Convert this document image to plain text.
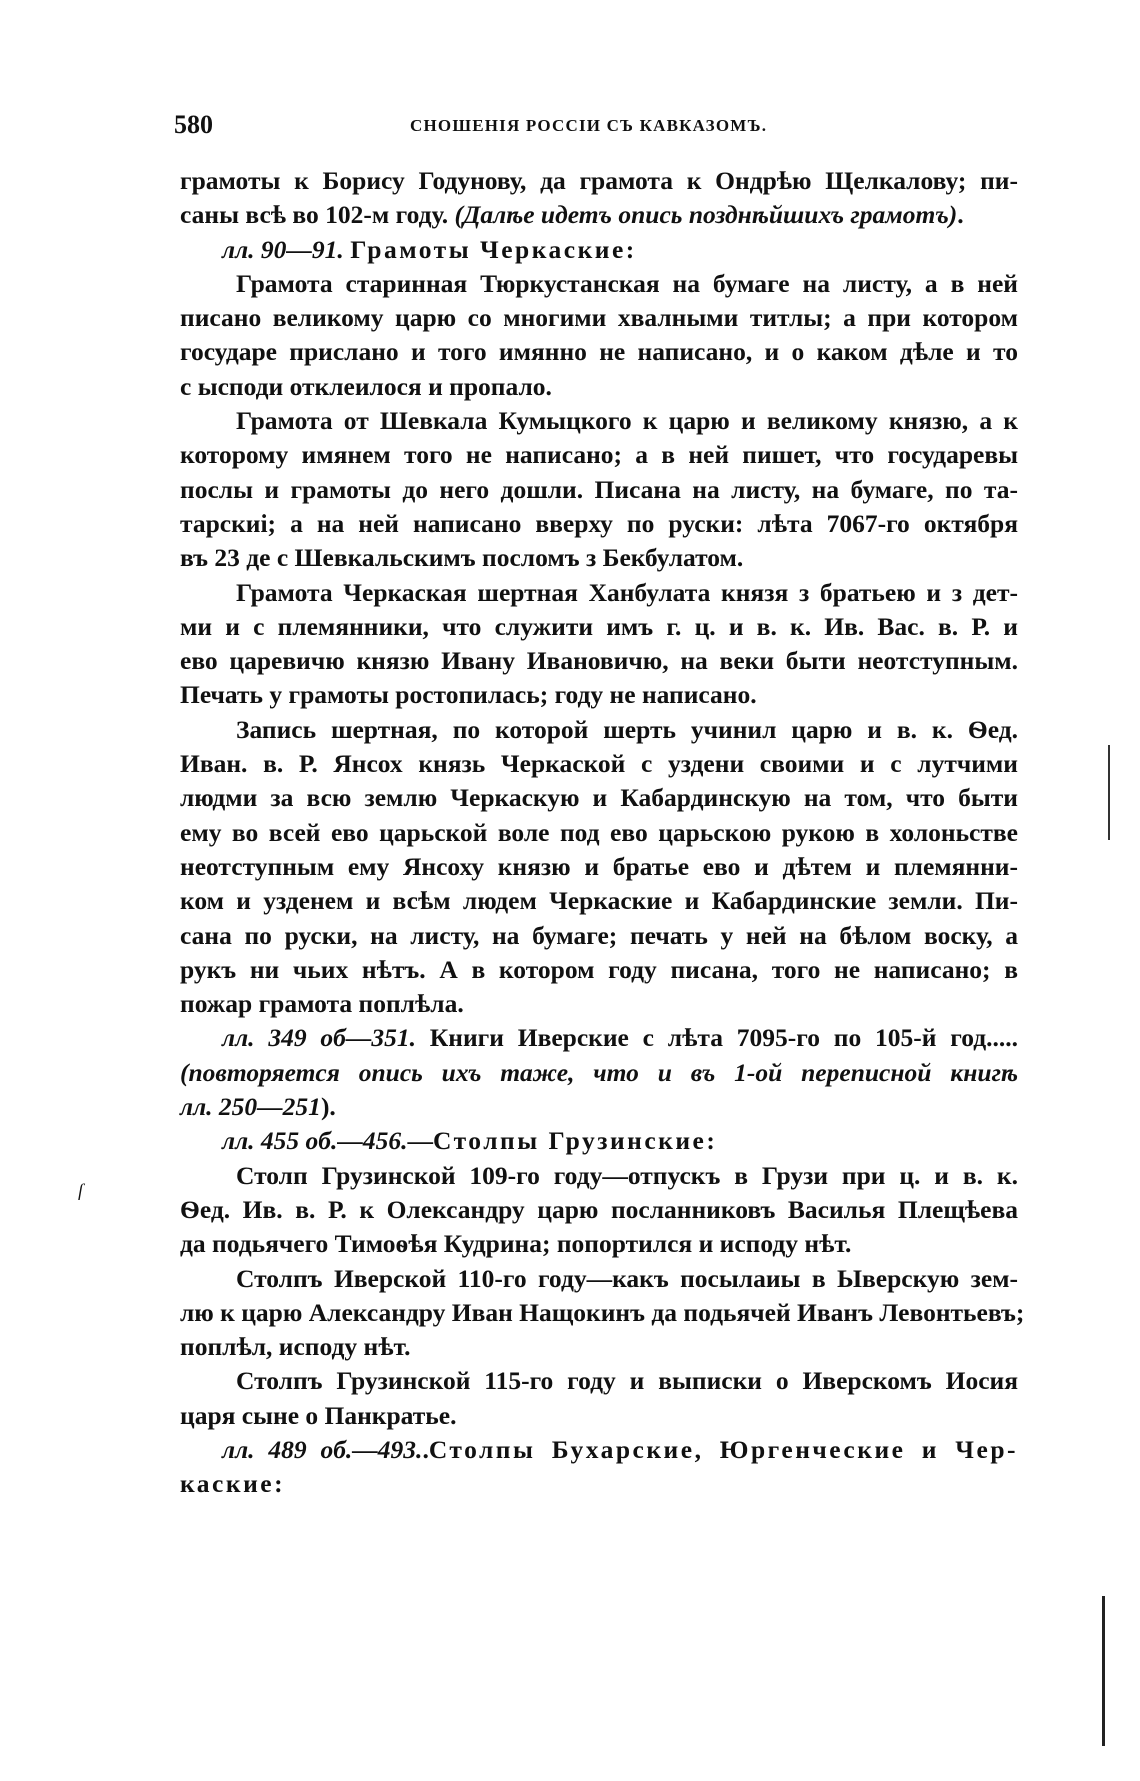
580	СНОШЕНІЯ РОССІИ СЪ КАВКАЗОМЪ.
грамоты к Борису Годунову, да грамота к Ондрѣю Щелкалову; пи-
саны всѣ во 102-м году. (Далѣе идетъ опись позднѣйшихъ грамотъ).
лл. 90—91. Грамоты Черкаские:
Грамота старинная Тюркустанская на бумаге на листу, а в ней
писано великому царю со многими хвалными титлы; а при котором
государе прислано и того имянно не написано, и о каком дѣле и то
с ысподи отклеилося и пропало.
Грамота от Шевкала Кумыцкого к царю и великому князю, а к
которому имянем того не написано; а в ней пишет, что государевы
послы и грамоты до него дошли. Писана на листу, на бумаге, по та-
тарскиі; а на ней написано вверху по руски: лѣта 7067-го октября
въ 23 де с Шевкальскимъ посломъ з Бекбулатом.
Грамота Черкаская шертная Ханбулата князя з братьею и з дет-
ми и с племянники, что служити имъ г. ц. и в. к. Ив. Вас. в. Р. и
ево царевичю князю Ивану Ивановичю, на веки быти неотступным.
Печать у грамоты ростопилась; году не написано.
Запись шертная, по которой шерть учинил царю и в. к. Ѳед.
Иван. в. Р. Янсох князь Черкаской с уздени своими и с лутчими
людми за всю землю Черкаскую и Кабардинскую на том, что быти
ему во всей ево царьской воле под ево царьскою рукою в холоньстве
неотступным ему Янсоху князю и братье ево и дѣтем и племянни-
ком и узденем и всѣм людем Черкаские и Кабардинские земли. Пи-
сана по руски, на листу, на бумаге; печать у ней на бѣлом воску, а
рукъ ни чьих нѣтъ. А в котором году писана, того не написано; в
пожар грамота поплѣла.
лл. 349 об—351. Книги Иверские с лѣта 7095-го по 105-й год.....
(повторяется опись ихъ таже, что и въ 1-ой переписной книгѣ
лл. 250—251).
лл. 455 об.—456.—Столпы Грузинские:
Столп Грузинской 109-го году—отпускъ в Грузи при ц. и в. к.
Ѳед. Ив. в. Р. к Олександру царю посланниковъ Василья Плещѣева
да подьячего Тимоѳѣя Кудрина; попортился и исподу нѣт.
Столпъ Иверской 110-го году—какъ посылаиы в Ыверскую зем-
лю к царю Александру Иван Нащокинъ да подьячей Иванъ Левонтьевъ;
поплѣл, исподу нѣт.
Столпъ Грузинской 115-го году и выписки о Иверскомъ Иосия
царя сыне о Панкратье.
лл. 489 об.—493..Столпы Бухарские, Юргенческие и Чер-
каские:
ſ
